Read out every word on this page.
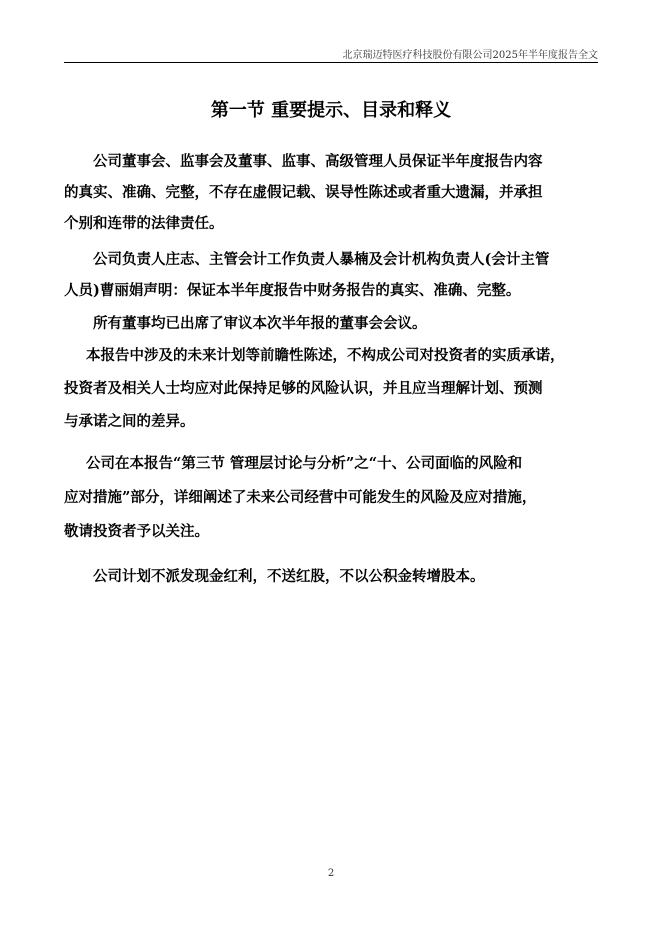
北京瑞迈特医疗科技股份有限公司2025年半年度报告全文
第一节 重要提示、目录和释义
公司董事会、监事会及董事、监事、高级管理人员保证半年度报告内容
的真实、准确、完整，不存在虚假记载、误导性陈述或者重大遗漏，并承担
个别和连带的法律责任。
公司负责人庄志、主管会计工作负责人暴楠及会计机构负责人(会计主管
人员)曹丽娟声明：保证本半年度报告中财务报告的真实、准确、完整。
所有董事均已出席了审议本次半年报的董事会会议。
本报告中涉及的未来计划等前瞻性陈述，不构成公司对投资者的实质承诺，
投资者及相关人士均应对此保持足够的风险认识，并且应当理解计划、预测
与承诺之间的差异。
公司在本报告“第三节 管理层讨论与分析”之“十、公司面临的风险和
应对措施”部分，详细阐述了未来公司经营中可能发生的风险及应对措施，
敬请投资者予以关注。
公司计划不派发现金红利，不送红股，不以公积金转增股本。
2
